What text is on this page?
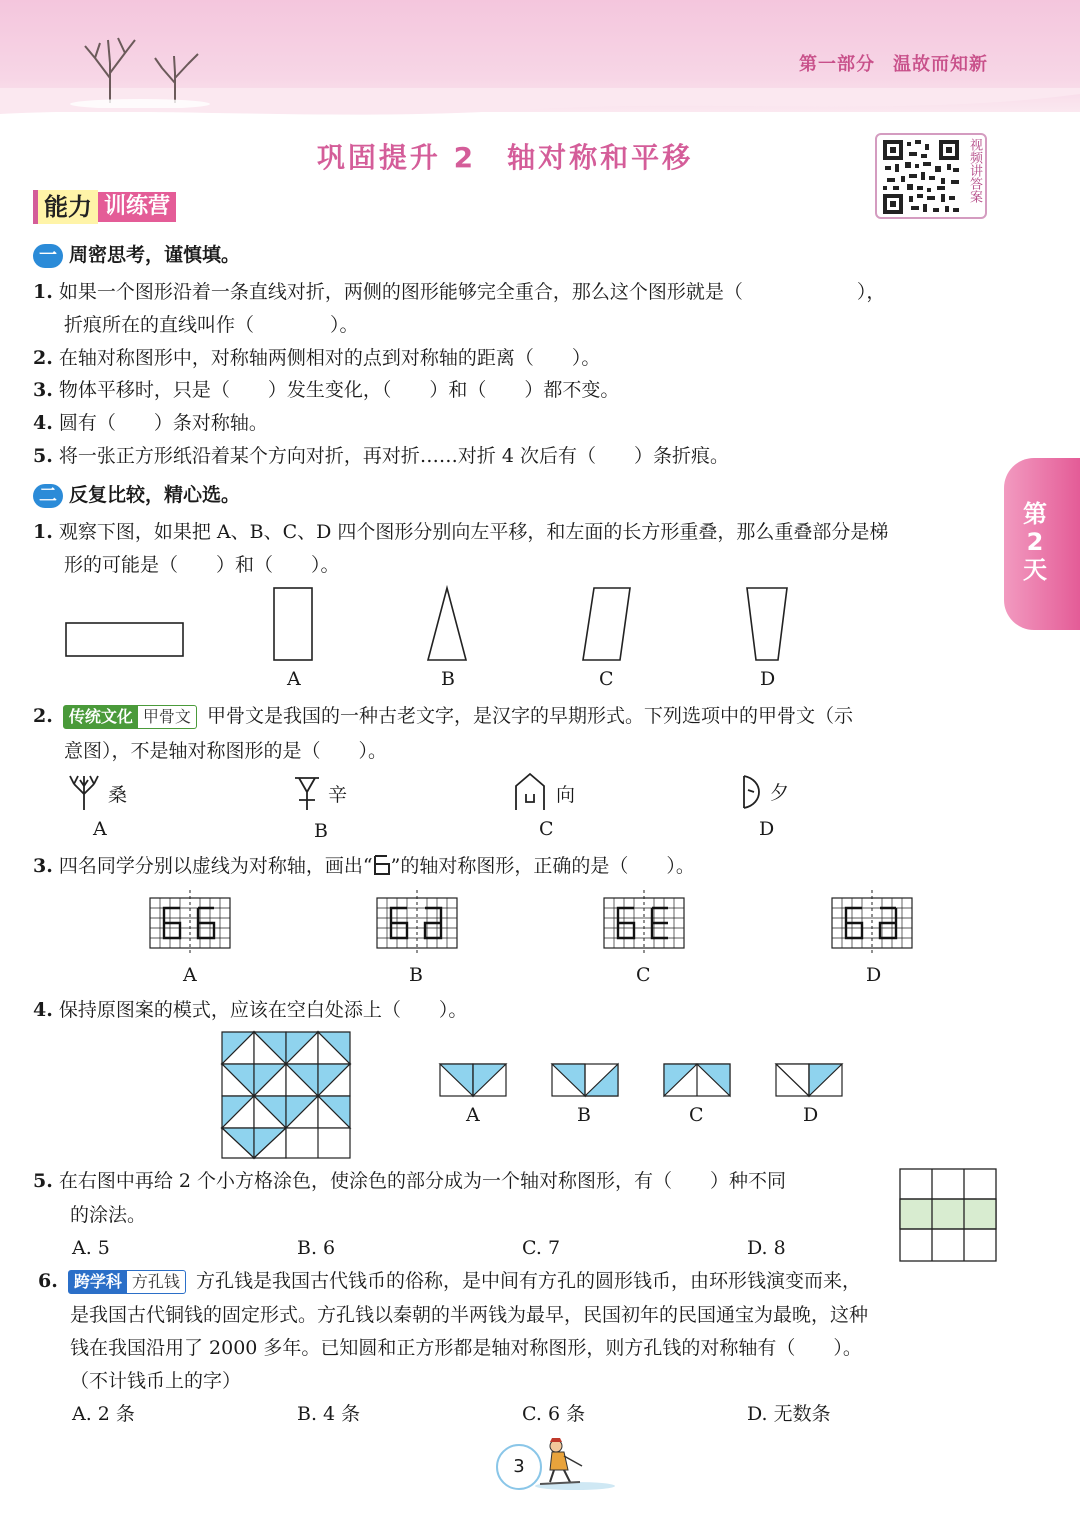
第一部分 温故而知新
巩固提升 2　轴对称和平移	视频讲答案
能力 训练营
一 周密思考，谨慎填。
1. 如果一个图形沿着一条直线对折，两侧的图形能够完全重合，那么这个图形就是（　　　　　　），
折痕所在的直线叫作（　　　　）。
2. 在轴对称图形中，对称轴两侧相对的点到对称轴的距离（　　）。
3. 物体平移时，只是（　　）发生变化，（　　）和（　　）都不变。
4. 圆有（　　）条对称轴。
5. 将一张正方形纸沿着某个方向对折，再对折……对折 4 次后有（　　）条折痕。
第2天
二 反复比较，精心选。
1. 观察下图，如果把 A、B、C、D 四个图形分别向左平移，和左面的长方形重叠，那么重叠部分是梯
形的可能是（　　）和（　　）。
A	B	C	D
2. 传统文化 甲骨文 甲骨文是我国的一种古老文字，是汉字的早期形式。下列选项中的甲骨文（示
意图），不是轴对称图形的是（　　）。
桑	辛	向	夕
A	B	C	D
3. 四名同学分别以虚线为对称轴，画出“ ”的轴对称图形，正确的是（　　）。
A	B	C	D
4. 保持原图案的模式，应该在空白处添上（　　）。
A	B	C	D
5. 在右图中再给 2 个小方格涂色，使涂色的部分成为一个轴对称图形，有（　　）种不同
的涂法。
A. 5	B. 6	C. 7	D. 8
6. 跨学科 方孔钱 方孔钱是我国古代钱币的俗称，是中间有方孔的圆形钱币，由环形钱演变而来，
是我国古代铜钱的固定形式。方孔钱以秦朝的半两钱为最早，民国初年的民国通宝为最晚，这种
钱在我国沿用了 2000 多年。已知圆和正方形都是轴对称图形，则方孔钱的对称轴有（　　）。
（不计钱币上的字）
A. 2 条	B. 4 条	C. 6 条	D. 无数条
3
